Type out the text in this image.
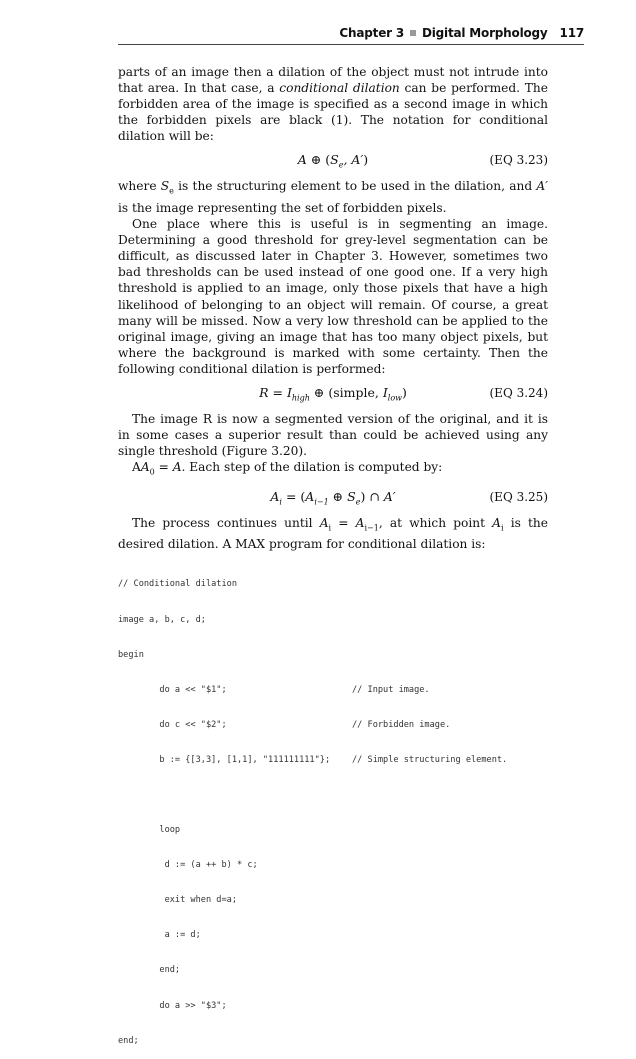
Chapter 3 Digital Morphology 117

parts of an image then a dilation of the object must not intrude into that area. In that case, a conditional dilation can be performed. The forbidden area of the image is specified as a second image in which the forbidden pixels are black (1). The notation for conditional dilation will be:

A ⊕ ($S_e$, A′)	(EQ 3.23)

where $S_e$ is the structuring element to be used in the dilation, and A′ is the image representing the set of forbidden pixels.

One place where this is useful is in segmenting an image. Determining a good threshold for grey-level segmentation can be difficult, as discussed later in Chapter 3. However, sometimes two bad thresholds can be used instead of one good one. If a very high threshold is applied to an image, only those pixels that have a high likelihood of belonging to an object will remain. Of course, a great many will be missed. Now a very low threshold can be applied to the original image, giving an image that has too many object pixels, but where the background is marked with some certainty. Then the following conditional dilation is performed:

$R = I_{high}$ ⊕ (simple, $I_{low}$)	(EQ 3.24)

The image R is now a segmented version of the original, and it is in some cases a superior result than could be achieved using any single threshold (Figure 3.20).

$AA_0 = A$. Each step of the dilation is computed by:

$A_i = (A_{i-1}$ ⊕ $S_e$) ∩ A′	(EQ 3.25)

The process continues until $A_i = A_{i-1}$, at which point $A_i$ is the desired dilation. A MAX program for conditional dilation is:

// Conditional dilation

image a, b, c, d;

begin

do a << "$1";	// Input image.

do c << "$2";	// Forbidden image.

b := {[3,3], [1,1], "111111111"};	// Simple structuring element.

loop

d := (a ++ b) * c;

exit when d=a;

a := d;

end;

do a >> "$3";

end;
